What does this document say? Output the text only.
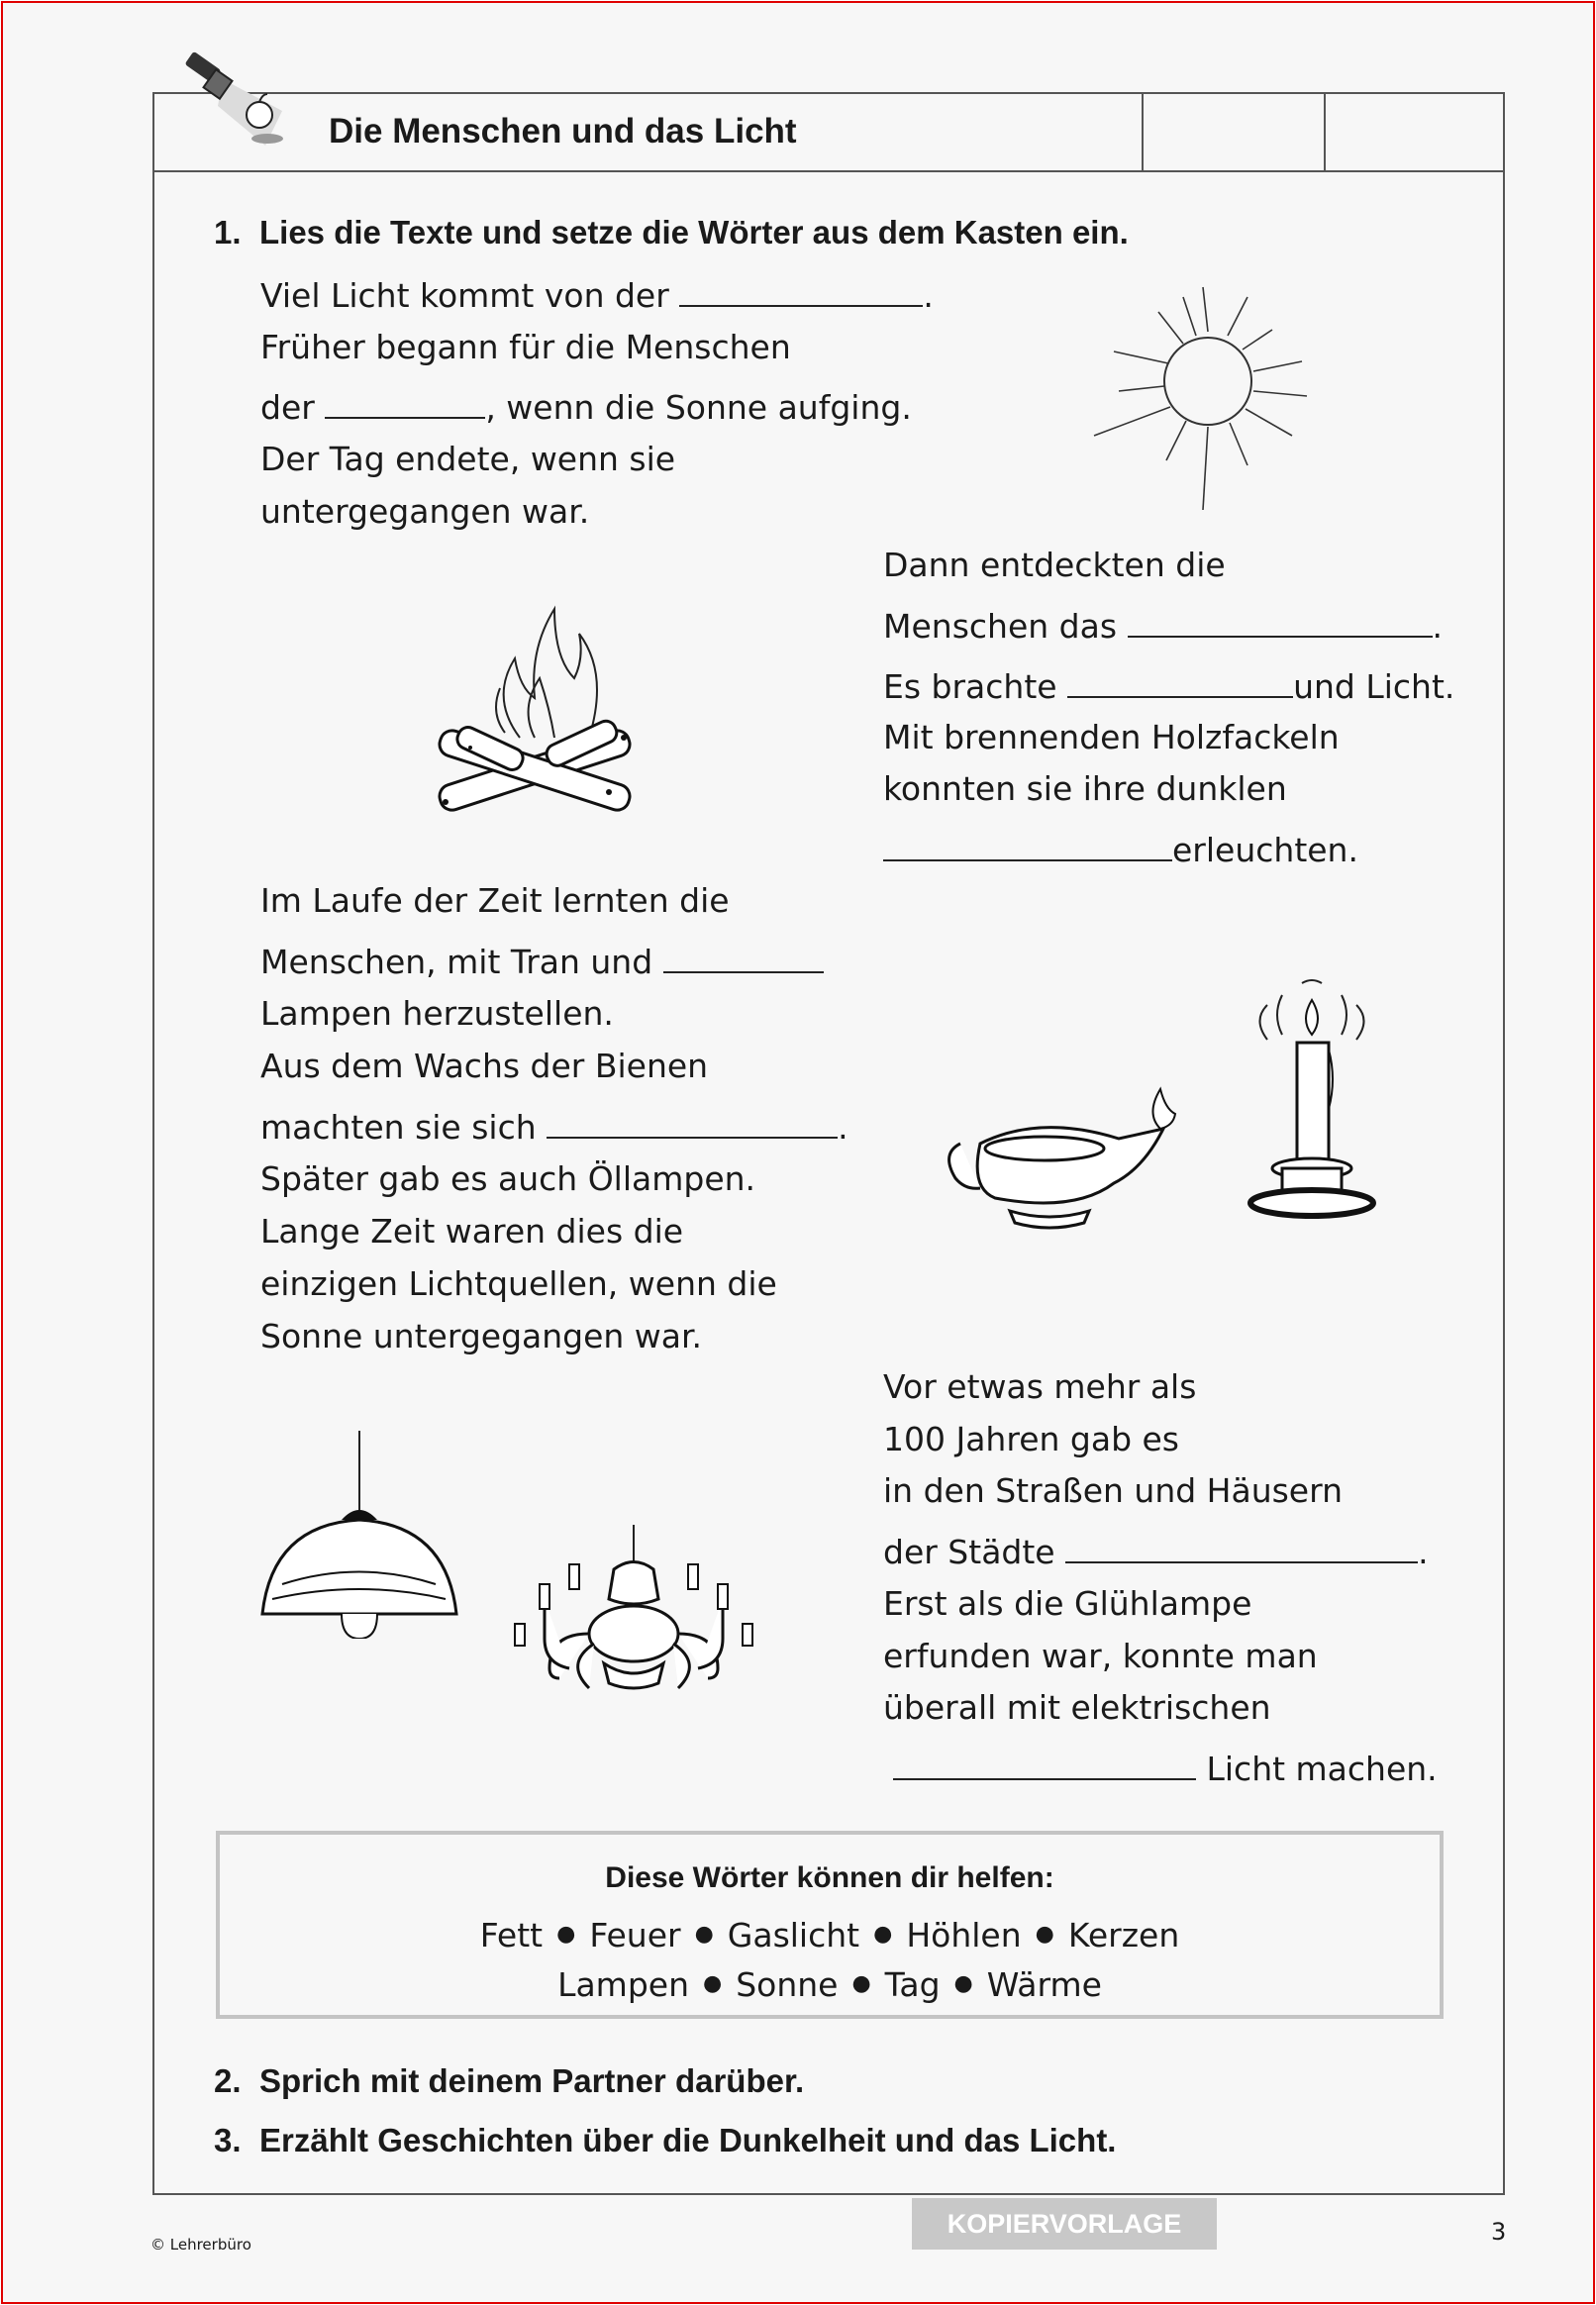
Die Menschen und das Licht
1. Lies die Texte und setze die Wörter aus dem Kasten ein.
Viel Licht kommt von der	.
Früher begann für die Menschen
der	, wenn die Sonne aufging.
Der Tag endete, wenn sie
untergegangen war.
Dann entdeckten die
Menschen das	.
Es brachte	und Licht.
Mit brennenden Holzfackeln
konnten sie ihre dunklen
erleuchten.
Im Laufe der Zeit lernten die
Menschen, mit Tran und
Lampen herzustellen.
Aus dem Wachs der Bienen
machten sie sich	.
Später gab es auch Öllampen.
Lange Zeit waren dies die
einzigen Lichtquellen, wenn die
Sonne untergegangen war.
Vor etwas mehr als
100 Jahren gab es
in den Straßen und Häusern
der Städte	.
Erst als die Glühlampe
erfunden war, konnte man
überall mit elektrischen
Licht machen.
Diese Wörter können dir helfen:
Fett ● Feuer ● Gaslicht ● Höhlen ● Kerzen
Lampen ● Sonne ● Tag ● Wärme
2. Sprich mit deinem Partner darüber.
3. Erzählt Geschichten über die Dunkelheit und das Licht.
© Lehrerbüro
KOPIERVORLAGE	3
